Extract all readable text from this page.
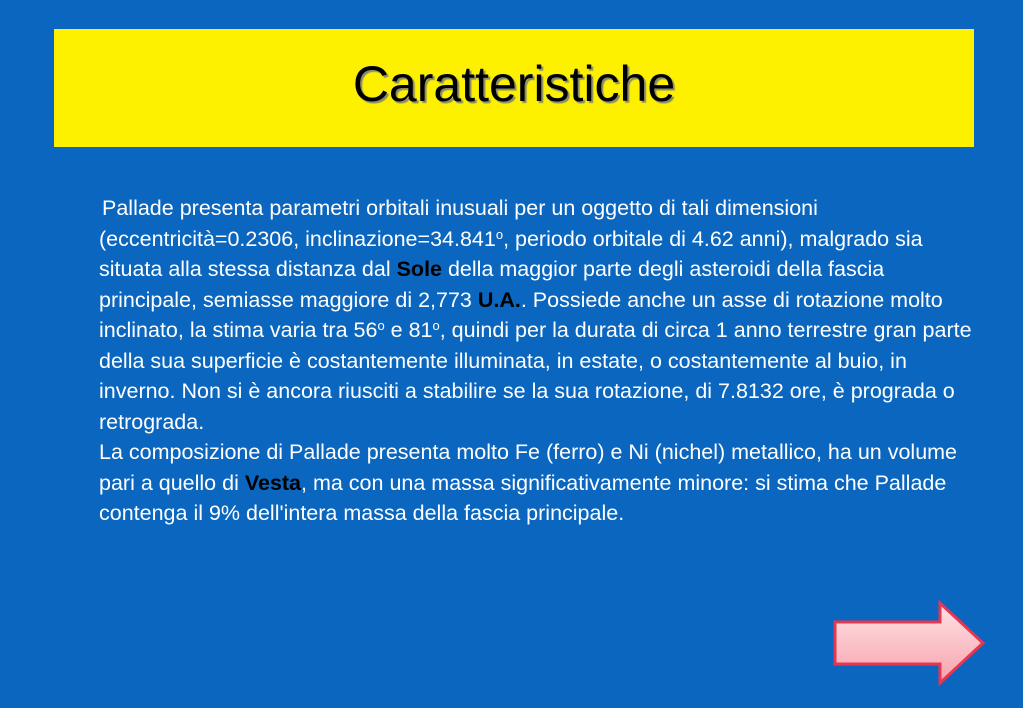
Caratteristiche

Pallade presenta parametri orbitali inusuali per un oggetto di tali dimensioni (eccentricità=0.2306, $inclinazione=34.841^o$, periodo orbitale di 4.62 anni), malgrado sia situata alla stessa distanza dal Sole della maggior parte degli asteroidi della fascia principale, semiasse maggiore di 2,773 U.A.. Possiede anche un asse di rotazione molto inclinato, la stima varia tra 56$^o$ e 81$^o$, quindi per la durata di circa 1 anno terrestre gran parte della sua superficie è costantemente illuminata, in estate, o costantemente al buio, in inverno. Non si è ancora riusciti a stabilire se la sua rotazione, di 7.8132 ore, è prograda o retrograda.

La composizione di Pallade presenta molto Fe (ferro) e Ni (nichel) metallico, ha un volume pari a quello di Vesta, ma con una massa significativamente minore: si stima che Pallade contenga il 9% dell'intera massa della fascia principale.
